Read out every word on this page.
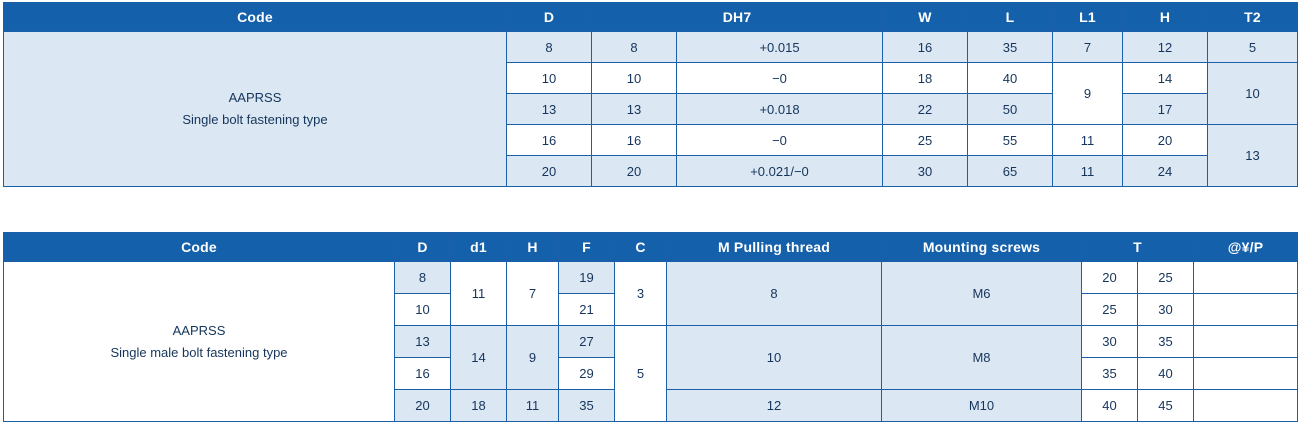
Code	D	DH7		W	L	L1	H	T2

AAPRSS
Single bolt fastening type	8	8	+0.015	16	35	7	12	5
	10	10	−0	18	40	9	14	10
	13	13	+0.018	22	50		17	
	16	16	−0	25	55	11	20	13
	20	20	+0.021/−0	30	65	11	24	
Code	D	d1	H	F	C	M Pulling thread	Mounting screws	T		@¥/P

AAPRSS
Single male bolt fastening type	8	11	7	19	3	8	M6	20	25	
	10			21				25	30	
	13	14	9	27	5	10	M8	30	35	
	16			29				35	40	
	20	18	11	35		12	M10	40	45	
